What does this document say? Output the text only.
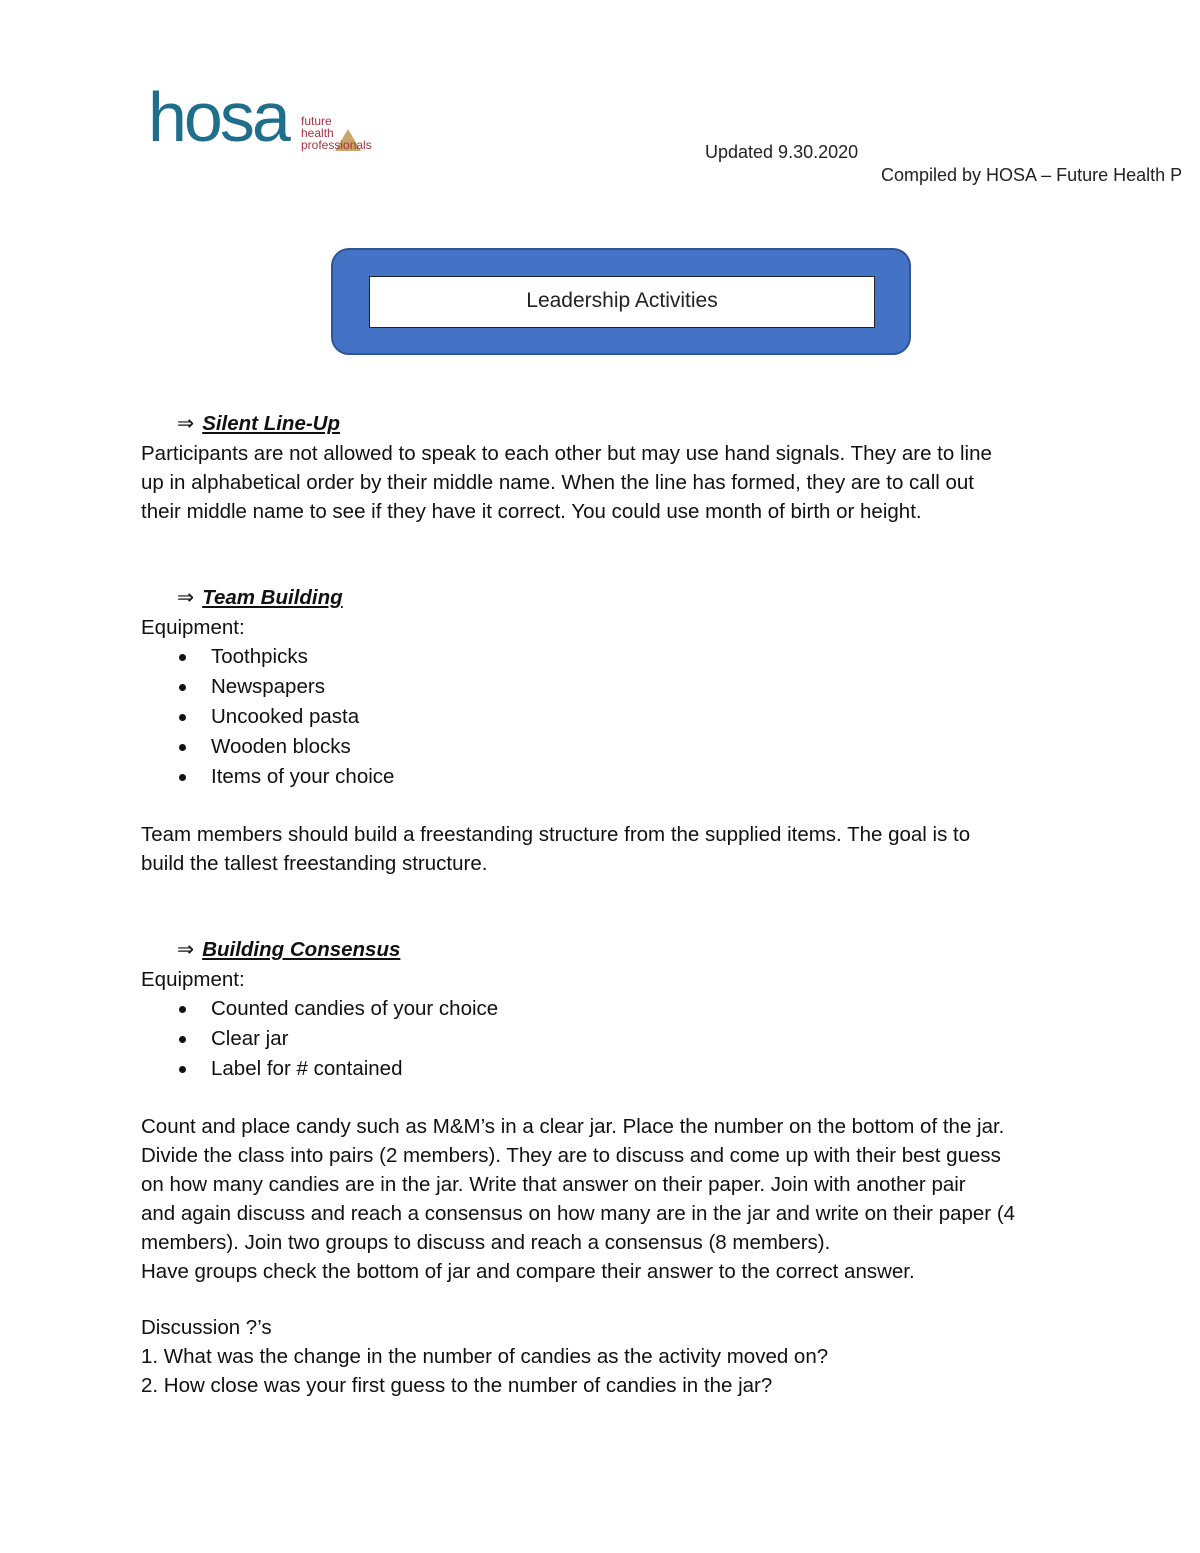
hosa future
health
professionals	Updated 9.30.2020
Compiled by HOSA – Future Health P
Leadership Activities
⇒ Silent Line-Up

Participants are not allowed to speak to each other but may use hand signals. They are to line

up in alphabetical order by their middle name. When the line has formed, they are to call out

their middle name to see if they have it correct. You could use month of birth or height.

⇒ Team Building
Equipment:
Toothpicks
Newspapers
Uncooked pasta
Wooden blocks
Items of your choice

Team members should build a freestanding structure from the supplied items. The goal is to

build the tallest freestanding structure.

⇒ Building Consensus
Equipment:
Counted candies of your choice
Clear jar
Label for # contained

Count and place candy such as M&M’s in a clear jar. Place the number on the bottom of the jar.

Divide the class into pairs (2 members). They are to discuss and come up with their best guess

on how many candies are in the jar. Write that answer on their paper. Join with another pair

and again discuss and reach a consensus on how many are in the jar and write on their paper (4

members). Join two groups to discuss and reach a consensus (8 members).

Have groups check the bottom of jar and compare their answer to the correct answer.

Discussion ?’s
1. What was the change in the number of candies as the activity moved on?
2. How close was your first guess to the number of candies in the jar?
